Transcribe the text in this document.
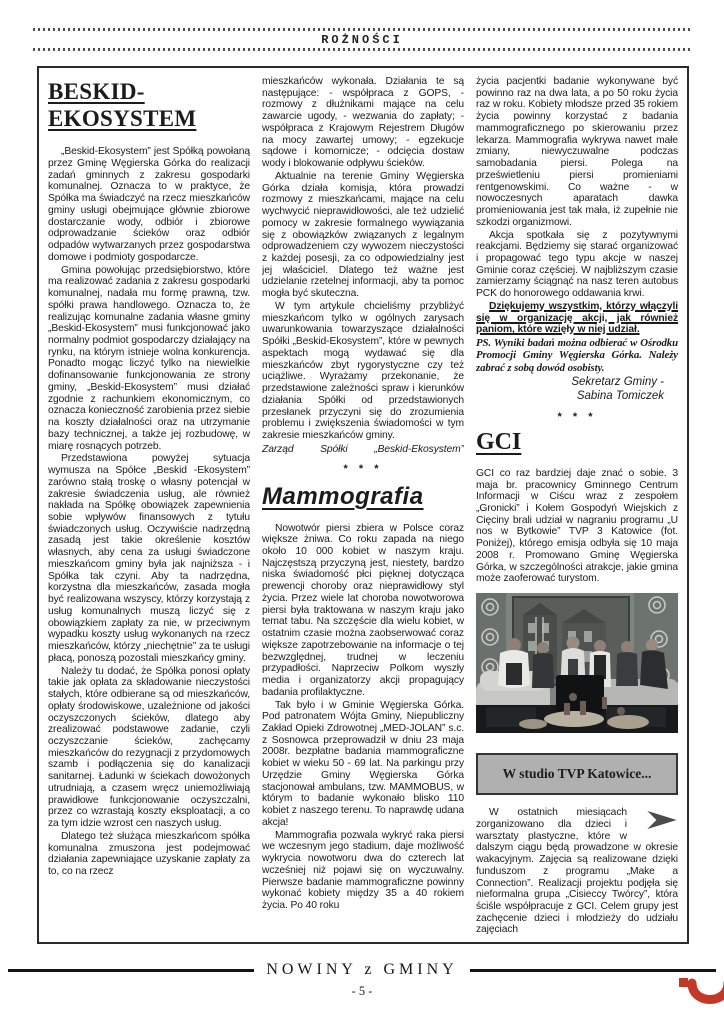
ROŻNOŚCI
BESKID-
EKOSYSTEM

„Beskid-Ekosystem” jest Spółką powołaną przez Gminę Węgierska Górka do realizacji zadań gminnych z zakresu gospodarki komunalnej. Oznacza to w praktyce, że Spółka ma świadczyć na rzecz mieszkańców gminy usługi obejmujące głównie zbiorowe dostarczanie wody, odbiór i zbiorowe odprowadzanie ścieków oraz odbiór odpadów wytwarzanych przez gospodarstwa domowe i podmioty gospodarcze.

Gmina powołując przedsiębiorstwo, które ma realizować zadania z zakresu gospodarki komunalnej, nadała mu formę prawną, tzw. spółki prawa handlowego. Oznacza to, że realizując komunalne zadania własne gminy „Beskid-Ekosystem” musi funkcjonować jako normalny podmiot gospodarczy działający na rynku, na którym istnieje wolna konkurencja. Ponadto mogąc liczyć tylko na niewielkie dofinansowanie funkcjonowania ze strony gminy, „Beskid-Ekosystem” musi działać zgodnie z rachunkiem ekonomicznym, co oznacza konieczność zarobienia przez siebie na koszty działalności oraz na utrzymanie bazy technicznej, a także jej rozbudowę, w miarę rosnących potrzeb.

Przedstawiona powyżej sytuacja wymusza na Spółce „Beskid -Ekosystem” zarówno stałą troskę o własny potencjał w zakresie świadczenia usług, ale również nakłada na Spółkę obowiązek zapewnienia sobie wpływów finansowych z tytułu świadczonych usług. Oczywiście nadrzędną zasadą jest takie określenie kosztów własnych, aby cena za usługi świadczone mieszkańcom gminy była jak najniższa - i Spółka tak czyni. Aby ta nadrzędna, korzystna dla mieszkańców, zasada mogła być realizowana wszyscy, którzy korzystają z usług komunalnych muszą liczyć się z obowiązkiem zapłaty za nie, w przeciwnym wypadku koszty usług wykonanych na rzecz mieszkańców, którzy „niechętnie” za te usługi płacą, ponoszą pozostali mieszkańcy gminy.

Należy tu dodać, że Spółka ponosi opłaty takie jak opłata za składowanie nieczystości stałych, które odbierane są od mieszkańców, opłaty środowiskowe, uzależnione od jakości oczyszczonych ścieków, dlatego aby zrealizować podstawowe zadanie, czyli oczyszczanie ścieków, zachęcamy mieszkańców do rezygnacji z przydomowych szamb i podłączenia się do kanalizacji sanitarnej. Ładunki w ściekach dowożonych utrudniają, a czasem wręcz uniemożliwiają prawidłowe funkcjonowanie oczyszczalni, przez co wzrastają koszty eksploatacji, a co za tym idzie wzrost cen naszych usług.

Dlatego też służąca mieszkańcom spółka komunalna zmuszona jest podejmować działania zapewniające uzyskanie zapłaty za to, co na rzecz

mieszkańców wykonała. Działania te są następujące: - współpraca z GOPS, -rozmowy z dłużnikami mające na celu zawarcie ugody, - wezwania do zapłaty; -współpraca z Krajowym Rejestrem Długów na mocy zawartej umowy; - egzekucje sądowe i komornicze; - odcięcia dostaw wody i blokowanie odpływu ścieków.

Aktualnie na terenie Gminy Węgierska Górka działa komisja, która prowadzi rozmowy z mieszkańcami, mające na celu wychwycić nieprawidłowości, ale też udzielić pomocy w zakresie formalnego wywiązania się z obowiązków związanych z legalnym odprowadzeniem czy wywozem nieczystości z każdej posesji, za co odpowiedzialny jest jej właściciel. Dlatego też ważne jest udzielanie rzetelnej informacji, aby ta pomoc mogła być skuteczna.

W tym artykule chcieliśmy przybliżyć mieszkańcom tylko w ogólnych zarysach uwarunkowania towarzyszące działalności Spółki „Beskid-Ekosystem”, które w pewnych aspektach mogą wydawać się dla mieszkańców zbyt rygorystyczne czy też uciążliwe. Wyrażamy przekonanie, że przedstawione zależności spraw i kierunków działania Spółki od przedstawionych przesłanek przyczyni się do zrozumienia problemu i zwiększenia świadomości w tym zakresie mieszkańców gminy.

Zarząd Spółki „Beskid-Ekosystem”

* * *
Mammografia

Nowotwór piersi zbiera w Polsce coraz większe żniwa. Co roku zapada na niego około 10 000 kobiet w naszym kraju. Najczęstszą przyczyną jest, niestety, bardzo niska świadomość płci pięknej dotycząca prewencji choroby oraz nieprawidłowy styl życia. Przez wiele lat choroba nowotworowa piersi była traktowana w naszym kraju jako temat tabu. Na szczęście dla wielu kobiet, w ostatnim czasie można zaobserwować coraz większe zapotrzebowanie na informacje o tej bezwzględnej, trudnej w leczeniu przypadłości. Naprzeciw Polkom wyszły media i organizatorzy akcji propagujący badania profilaktyczne.

Tak było i w Gminie Węgierska Górka. Pod patronatem Wójta Gminy, Niepubliczny Zakład Opieki Zdrowotnej „MED-JOLAN” s.c. z Sosnowca przeprowadził w dniu 23 maja 2008r. bezpłatne badania mammograficzne kobiet w wieku 50 - 69 lat. Na parkingu przy Urzędzie Gminy Węgierska Górka stacjonował ambulans, tzw. MAMMOBUS, w którym to badanie wykonało blisko 110 kobiet z naszego terenu. To naprawdę udana akcja!

Mammografia pozwala wykryć raka piersi we wczesnym jego stadium, daje możliwość wykrycia nowotworu dwa do czterech lat wcześniej niż pojawi się on wyczuwalny. Pierwsze badanie mammograficzne powinny wykonać kobiety między 35 a 40 rokiem życia. Po 40 roku

życia pacjentki badanie wykonywane być powinno raz na dwa lata, a po 50 roku życia raz w roku. Kobiety młodsze przed 35 rokiem życia powinny korzystać z badania mammograficznego po skierowaniu przez lekarza. Mammografia wykrywa nawet małe zmiany, niewyczuwalne podczas samobadania piersi. Polega na prześwietleniu piersi promieniami rentgenowskimi. Co ważne - w nowoczesnych aparatach dawka promieniowania jest tak mała, iż zupełnie nie szkodzi organizmowi.

Akcja spotkała się z pozytywnymi reakcjami. Będziemy się starać organizować i propagować tego typu akcje w naszej Gminie coraz częściej. W najbliższym czasie zamierzamy ściągnąć na nasz teren autobus PCK do honorowego oddawania krwi.

Dziękujemy wszystkim, którzy włączyli się w organizację akcji, jak również paniom, które wzięły w niej udział.

PS. Wyniki badań można odbierać w Ośrodku Promocji Gminy Węgierska Górka. Należy zabrać z sobą dowód osobisty.

Sekretarz Gminy -
Sabina Tomiczek
* * *
GCI

GCI co raz bardziej daje znać o sobie. 3 maja br. pracownicy Gminnego Centrum Informacji w Ciścu wraz z zespołem „Gronicki” i Kołem Gospodyń Wiejskich z Cięciny brali udział w nagraniu programu „U nos w Bytkowie” TVP 3 Katowice (fot. Poniżej), którego emisja odbyła się 10 maja 2008 r. Promowano Gminę Węgierska Górka, w szczególności atrakcje, jakie gmina może zaoferować turystom.

W studio TVP Katowice...

W ostatnich miesiącach zorganizowano dla dzieci i warsztaty plastyczne, które w dalszym ciągu będą prowadzone w okresie wakacyjnym. Zajęcia są realizowane dzięki funduszom z programu „Make a Connection”. Realizacji projektu podjęła się nieformalna grupa „Cisieccy Twórcy”, która ściśle współpracuje z GCI. Celem grupy jest zachęcenie dzieci i młodzieży do udziału zajęciach

NOWINY z GMINY
- 5 -
